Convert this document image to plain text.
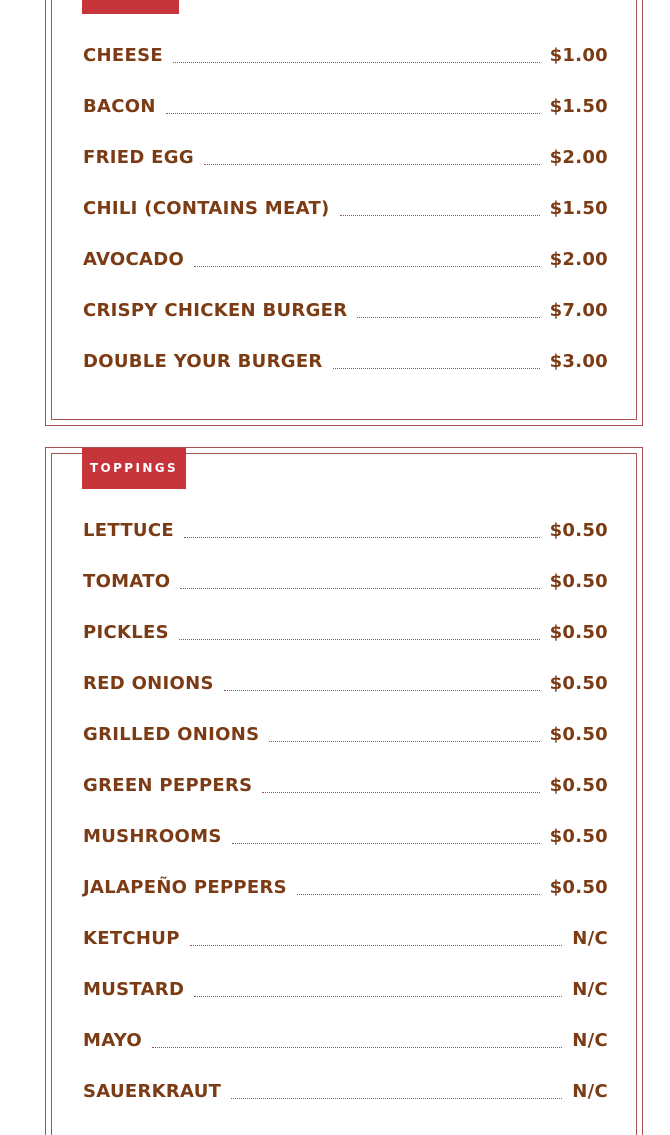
CHEESE	$1.00
BACON	$1.50
FRIED EGG	$2.00
CHILI (CONTAINS MEAT)	$1.50
AVOCADO	$2.00
CRISPY CHICKEN BURGER	$7.00
DOUBLE YOUR BURGER	$3.00
TOPPINGS
LETTUCE	$0.50
TOMATO	$0.50
PICKLES	$0.50
RED ONIONS	$0.50
GRILLED ONIONS	$0.50
GREEN PEPPERS	$0.50
MUSHROOMS	$0.50
JALAPEÑO PEPPERS	$0.50
KETCHUP	N/C
MUSTARD	N/C
MAYO	N/C
SAUERKRAUT	N/C
